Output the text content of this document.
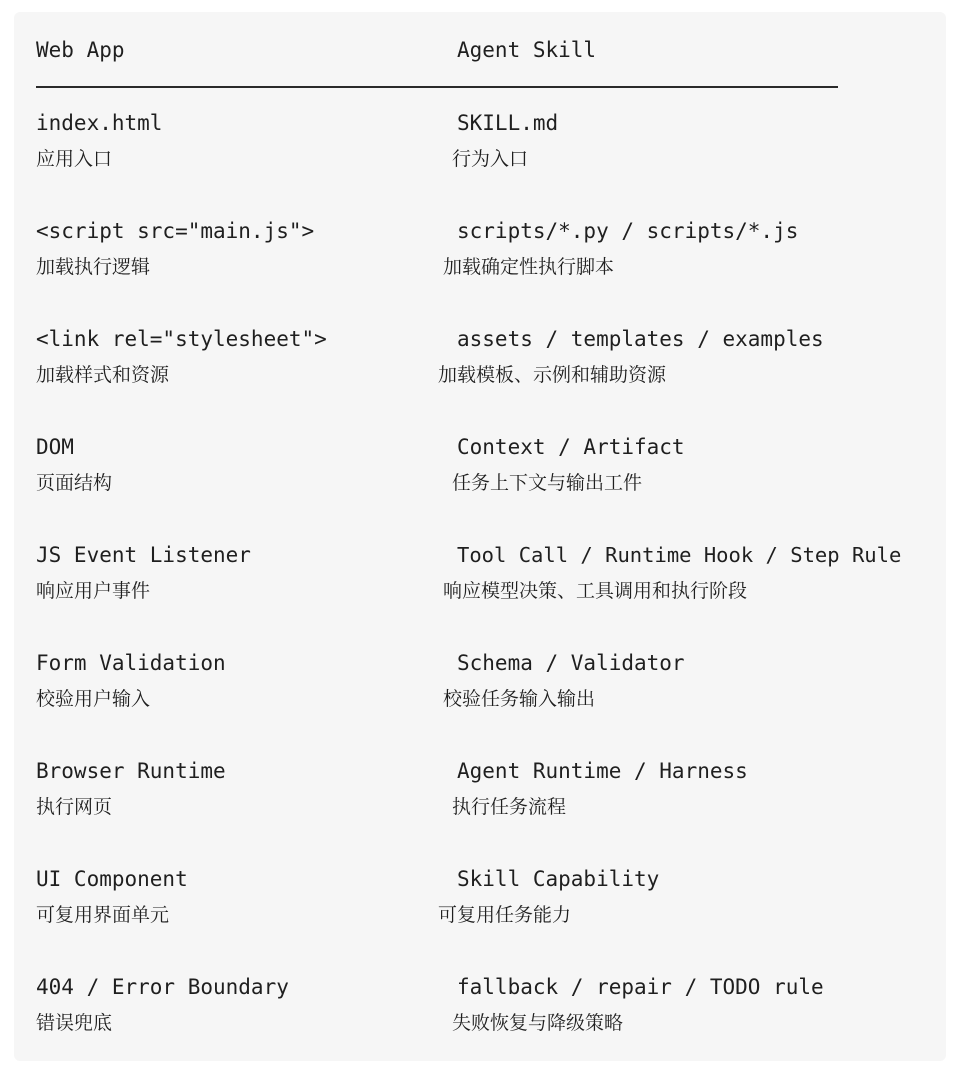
Web App	Agent Skill
index.html	SKILL.md
应用入口	行为入口
<script src="main.js">	scripts/*.py / scripts/*.js
加载执行逻辑	加载确定性执行脚本
<link rel="stylesheet">	assets / templates / examples
加载样式和资源	加载模板、示例和辅助资源
DOM	Context / Artifact
页面结构	任务上下文与输出工件
JS Event Listener	Tool Call / Runtime Hook / Step Rule
响应用户事件	响应模型决策、工具调用和执行阶段
Form Validation	Schema / Validator
校验用户输入	校验任务输入输出
Browser Runtime	Agent Runtime / Harness
执行网页	执行任务流程
UI Component	Skill Capability
可复用界面单元	可复用任务能力
404 / Error Boundary	fallback / repair / TODO rule
错误兜底	失败恢复与降级策略
